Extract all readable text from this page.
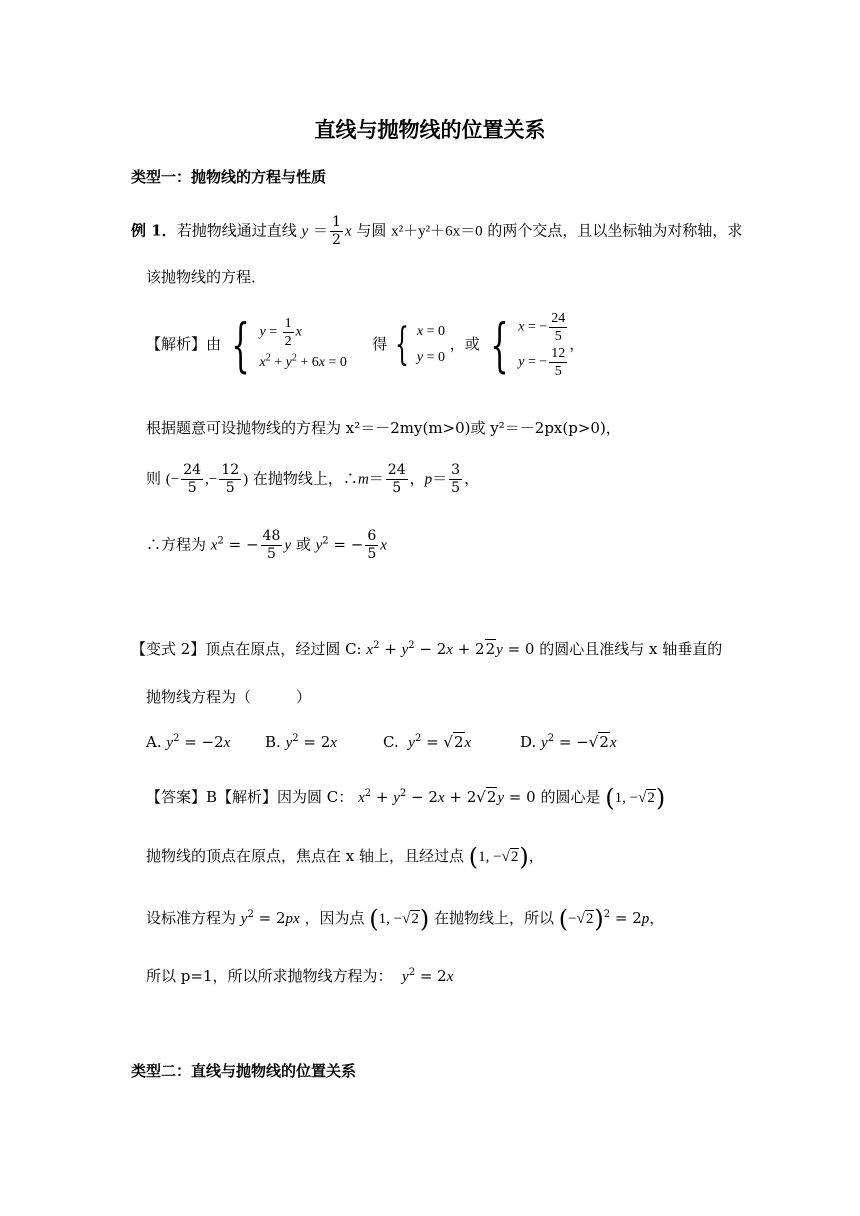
直线与抛物线的位置关系
类型一：抛物线的方程与性质
例 1．若抛物线通过直线 $y = \frac{1}{2}$ x 与圆 x²＋y²＋6x＝0 的两个交点，且以坐标轴为对称轴，求
该抛物线的方程．
【解析】由 { $y = \frac{1}{2}$ x
$x^2 + y^2 + 6x = 0$
得 { x = 0
y = 0
，或 { x = − $\frac{24}{5}$
y = − $\frac{12}{5}$
，
根据题意可设抛物线的方程为 x²＝－2my(m>0)或 y²＝－2px(p>0)，
则 (− $\frac{24}{5}$ ,− $\frac{12}{5}$ ) 在抛物线上，∴m＝ $\frac{24}{5}$ ，$p= \frac{3}{5}$ ，
∴方程为 $x^2$ = − $\frac{48}{5}$ y 或 $y^2$ = − $\frac{6}{5}$ x
【变式 2】顶点在原点，经过圆 C: $x^2 + y^2 - 2x + 22y = 0$ 的圆心且准线与 x 轴垂直的
抛物线方程为（　　　）
A. $y^2 = -2x$ B. $y^2 = 2x$	C. $y^2 = √2x$	D. $y^2 = -√2x$
【答案】B【解析】因为圆 C： $x^2 + y^2 - 2x + 2√2y = 0$ 的圆心是 (1, −√2)
抛物线的顶点在原点，焦点在 x 轴上，且经过点 (1, −√2)，
设标准方程为 $y^2 = 2px$ ，因为点 (1, −√2) 在抛物线上，所以 $(-√2)^2 = 2p$，
所以 p=1，所以所求抛物线方程为： $y^2 = 2x$
类型二：直线与抛物线的位置关系
